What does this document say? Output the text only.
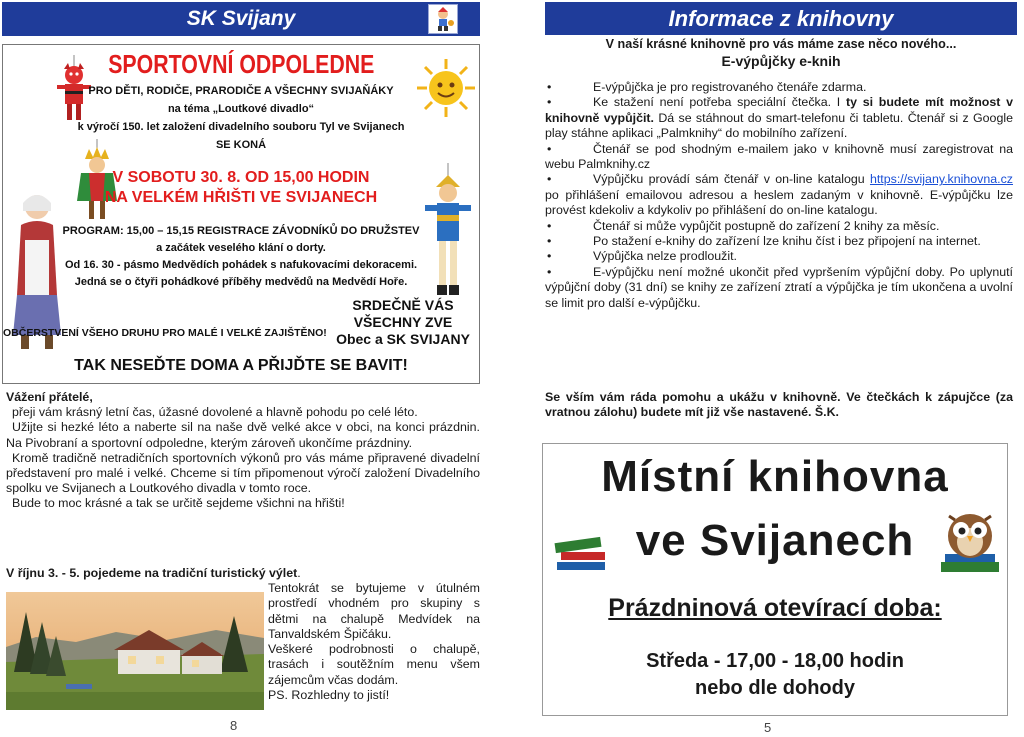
SK Svijany
SPORTOVNÍ ODPOLEDNE
PRO DĚTI, RODIČE, PRARODIČE A VŠECHNY SVIJAŇÁKY
na téma „Loutkové divadlo“
k výročí 150. let založení divadelního souboru Tyl ve Svijanech
SE KONÁ
V SOBOTU 30. 8. OD 15,00 HODIN
NA VELKÉM HŘIŠTI VE SVIJANECH
PROGRAM: 15,00 – 15,15 REGISTRACE ZÁVODNÍKŮ DO DRUŽSTEV
a začátek veselého klání o dorty.
Od 16. 30 - pásmo Medvědích pohádek s nafukovacími dekoracemi.
Jedná se o čtyři pohádkové příběhy medvědů na Medvědí Hoře.
SRDEČNĚ VÁS
VŠECHNY ZVE
Obec a SK SVIJANY
OBČERSTVENÍ VŠEHO DRUHU PRO MALÉ I VELKÉ ZAJIŠTĚNO!
TAK NESEĎTE DOMA A PŘIJĎTE SE BAVIT!

Vážení přátelé,

přeji vám krásný letní čas, úžasné dovolené a hlavně pohodu po celé léto.

Užijte si hezké léto a naberte sil na naše dvě velké akce v obci, na konci prázdnin. Na Pivobraní a sportovní odpoledne, kterým zároveň ukončíme prázdniny.

Kromě tradičně netradičních sportovních výkonů pro vás máme připravené divadelní představení pro malé i velké. Chceme si tím připomenout výročí založení Divadelního spolku ve Svijanech a Loutkového divadla v tomto roce.

Bude to moc krásné a tak se určitě sejdeme všichni na hřišti!

V říjnu 3. - 5. pojedeme na tradiční turistický výlet.
Tentokrát se bytujeme v útulném prostředí vhodném pro skupiny s dětmi na chalupě Medvídek na Tanvaldském Špičáku.
Veškeré podrobnosti o chalupě, trasách i soutěžním menu všem zájemcům včas dodám.
PS. Rozhledny to jistí!
8
Informace z knihovny
V naší krásné knihovně pro vás máme zase něco nového...
E-výpůjčky e-knih
•	E-výpůjčka je pro registrovaného čtenáře zdarma.
•	Ke stažení není potřeba speciální čtečka. I ty si budete mít možnost v knihovně vypůjčit. Dá se stáhnout do smart-telefonu či tabletu. Čtenář si z Google play stáhne aplikaci „Palmknihy“ do mobilního zařízení.
•	Čtenář se pod shodným e-mailem jako v knihovně musí zaregistrovat na webu Palmknihy.cz
•	Výpůjčku provádí sám čtenář v on-line katalogu https://svijany.knihovna.cz po přihlášení emailovou adresou a heslem zadaným v knihovně. E-výpůjčku lze provést kdekoliv a kdykoliv po přihlášení do on-line katalogu.
•	Čtenář si může vypůjčit postupně do zařízení 2 knihy za měsíc.
•	Po stažení e-knihy do zařízení lze knihu číst i bez připojení na internet.
•	Výpůjčka nelze prodloužit.
•	E-výpůjčku není možné ukončit před vypršením výpůjční doby. Po uplynutí výpůjční doby (31 dní) se knihy ze zařízení ztratí a výpůjčka je tím ukončena a uvolní se limit pro další e-výpůjčku.
Se vším vám ráda pomohu a ukážu v knihovně. Ve čtečkách k zápujčce (za vratnou zálohu) budete mít již vše nastavené. Š.K.
Místní knihovna
ve Svijanech
Prázdninová otevírací doba:
Středa - 17,00 - 18,00 hodin
nebo dle dohody
5
